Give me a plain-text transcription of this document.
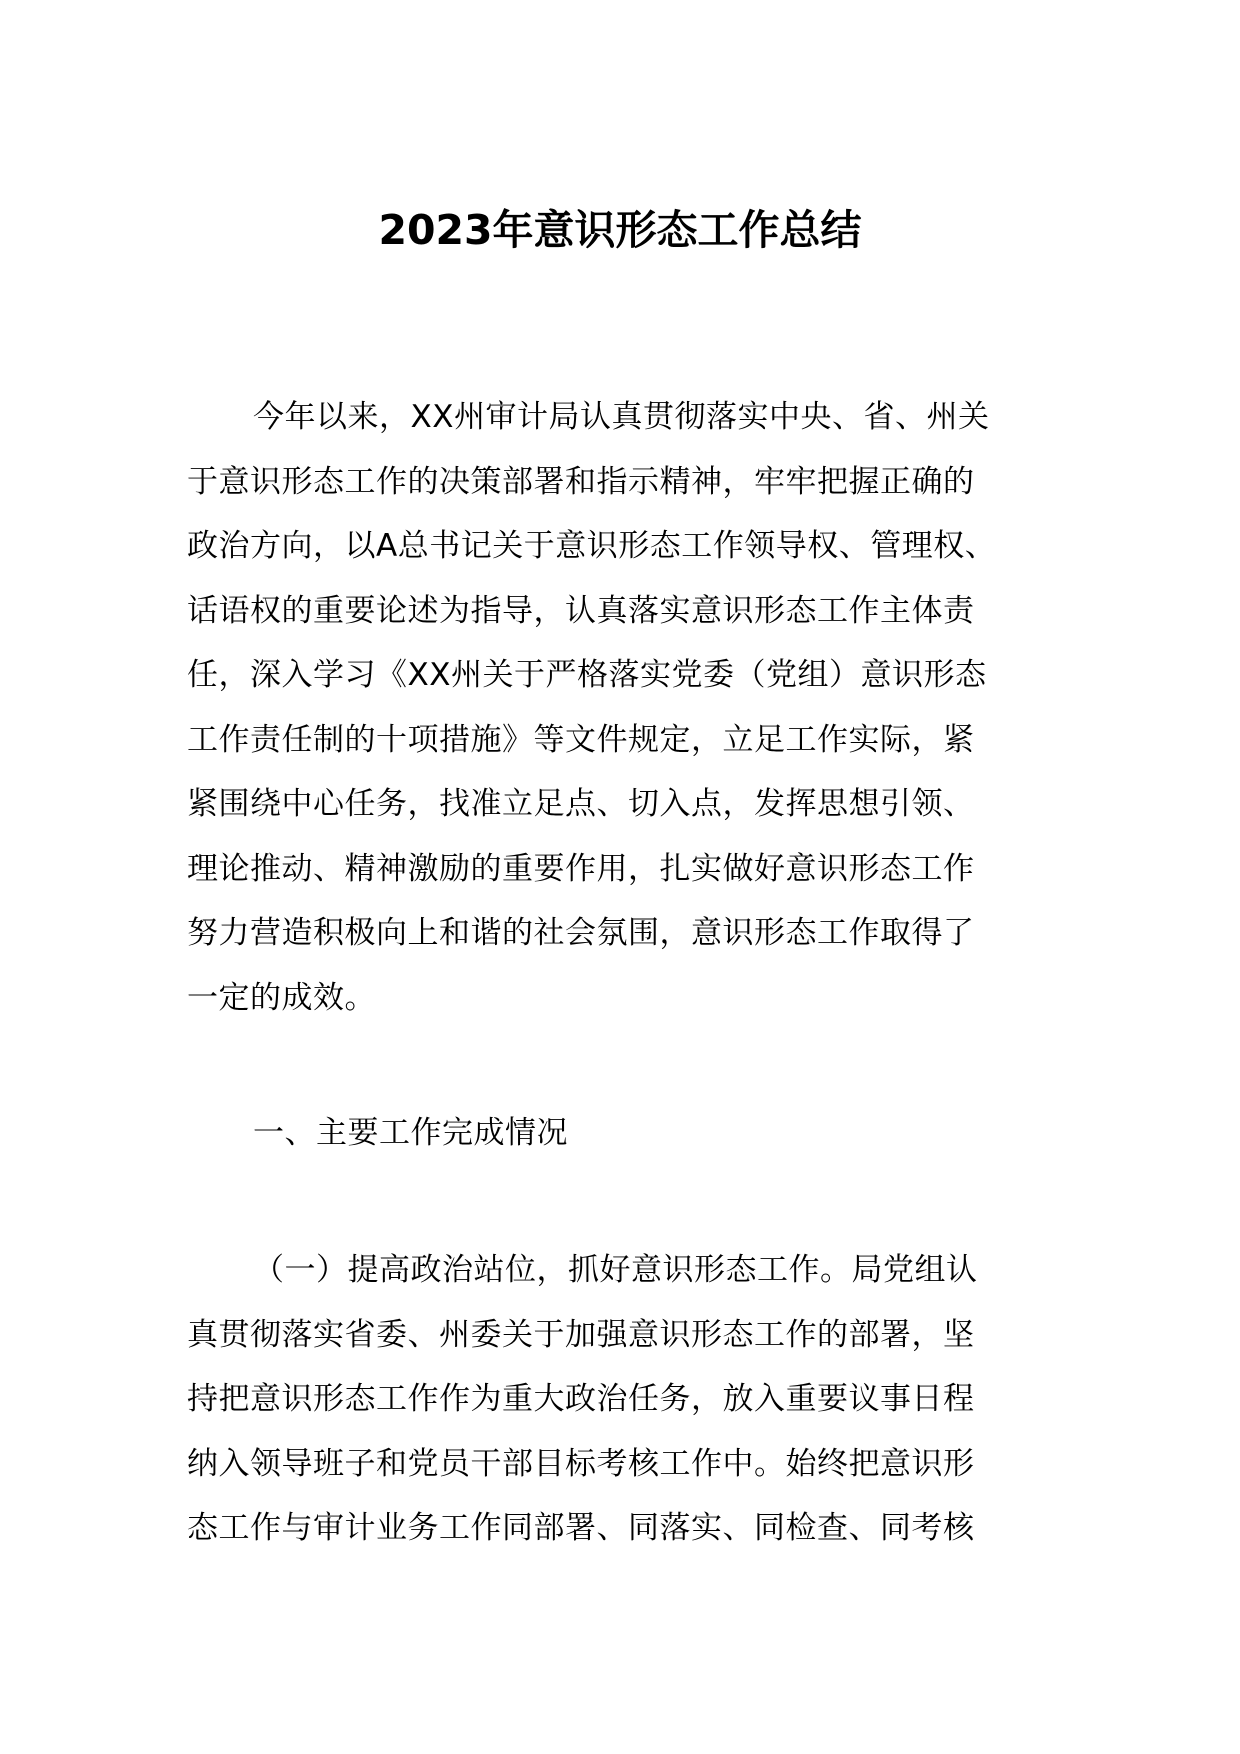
2023年意识形态工作总结
今年以来，XX州审计局认真贯彻落实中央、省、州关
于意识形态工作的决策部署和指示精神，牢牢把握正确的
政治方向，以A总书记关于意识形态工作领导权、管理权、
话语权的重要论述为指导，认真落实意识形态工作主体责
任，深入学习《XX州关于严格落实党委（党组）意识形态
工作责任制的十项措施》等文件规定，立足工作实际，紧
紧围绕中心任务，找准立足点、切入点，发挥思想引领、
理论推动、精神激励的重要作用，扎实做好意识形态工作
努力营造积极向上和谐的社会氛围，意识形态工作取得了
一定的成效。
一、主要工作完成情况
（一）提高政治站位，抓好意识形态工作。局党组认
真贯彻落实省委、州委关于加强意识形态工作的部署，坚
持把意识形态工作作为重大政治任务，放入重要议事日程
纳入领导班子和党员干部目标考核工作中。始终把意识形
态工作与审计业务工作同部署、同落实、同检查、同考核
